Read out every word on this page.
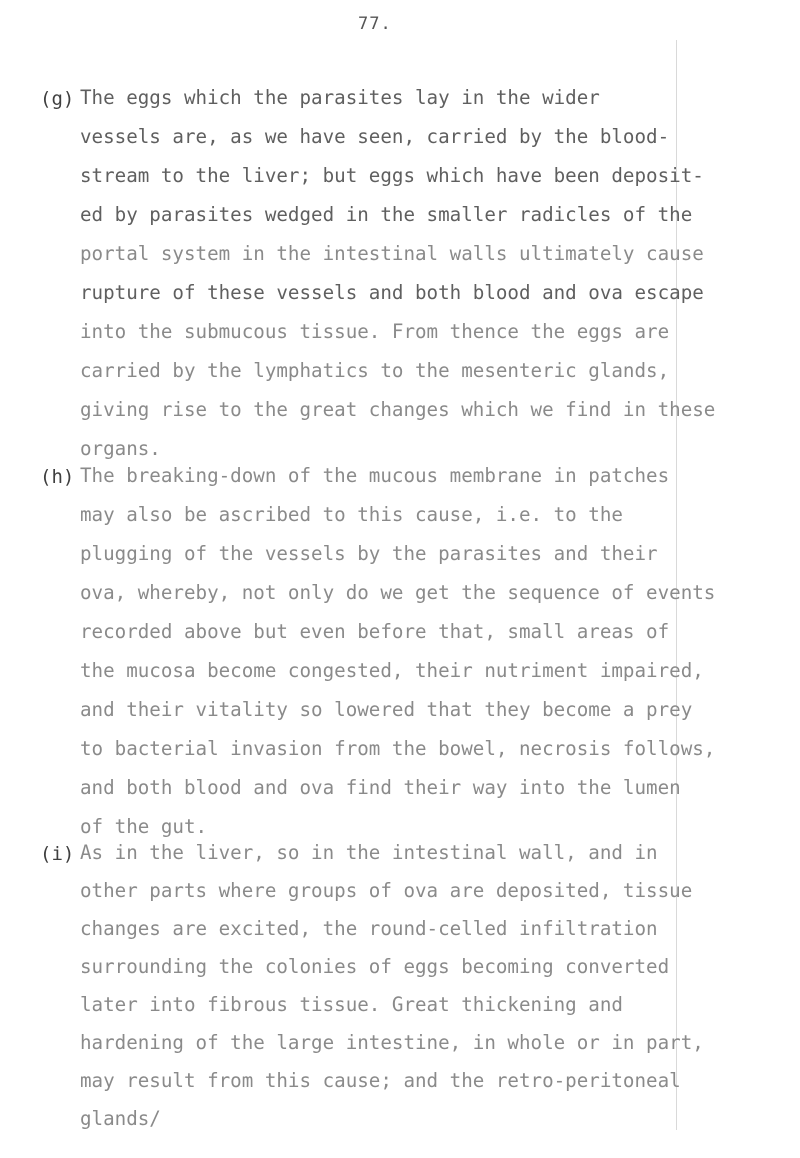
77.
(g) The eggs which the parasites lay in the wider
vessels are, as we have seen, carried by the blood-
stream to the liver; but eggs which have been deposit-
ed by parasites wedged in the smaller radicles of the
portal system in the intestinal walls ultimately cause
rupture of these vessels and both blood and ova escape
into the submucous tissue. From thence the eggs are
carried by the lymphatics to the mesenteric glands,
giving rise to the great changes which we find in these
organs.
(h) The breaking-down of the mucous membrane in patches
may also be ascribed to this cause, i.e. to the
plugging of the vessels by the parasites and their
ova, whereby, not only do we get the sequence of events
recorded above but even before that, small areas of
the mucosa become congested, their nutriment impaired,
and their vitality so lowered that they become a prey
to bacterial invasion from the bowel, necrosis follows,
and both blood and ova find their way into the lumen
of the gut.
(i) As in the liver, so in the intestinal wall, and in
other parts where groups of ova are deposited, tissue
changes are excited, the round-celled infiltration
surrounding the colonies of eggs becoming converted
later into fibrous tissue. Great thickening and
hardening of the large intestine, in whole or in part,
may result from this cause; and the retro-peritoneal
glands/
